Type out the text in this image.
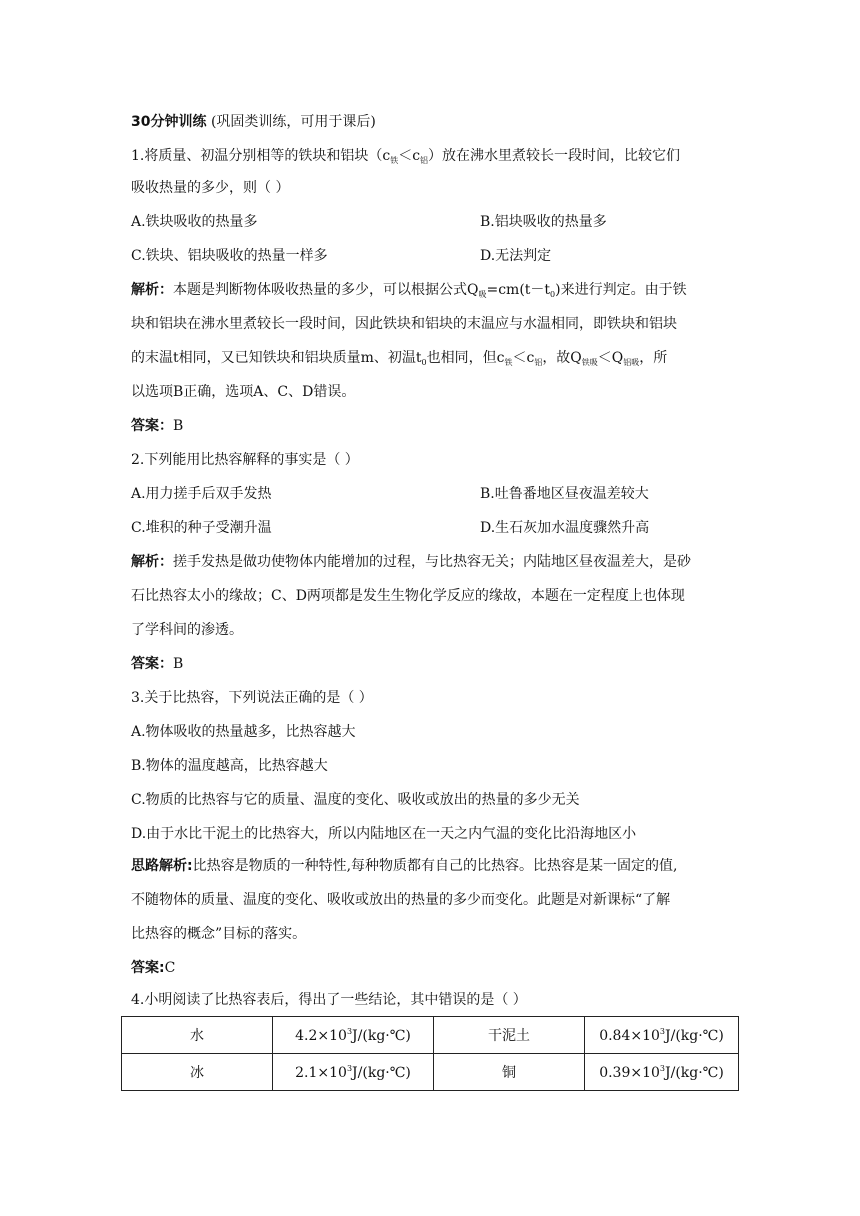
30分钟训练 (巩固类训练，可用于课后)
1.将质量、初温分别相等的铁块和铝块$(c_铁<c_铝)$放在沸水里煮较长一段时间，比较它们
吸收热量的多少，则（ ）
A.铁块吸收的热量多	B.铝块吸收的热量多
C.铁块、铝块吸收的热量一样多	D.无法判定
解析：本题是判断物体吸收热量的多少，可以根据公式$Q_吸=cm(t-t_0)$来进行判定。由于铁
块和铝块在沸水里煮较长一段时间，因此铁块和铝块的末温应与水温相同，即铁块和铝块
的末温t相同，又已知铁块和铝块质量m、初温$t_0$也相同，但$c_铁<c_铝$，故$Q_{铁吸}<Q_{铝吸}$，所
以选项B正确，选项A、C、D错误。
答案：B
2.下列能用比热容解释的事实是（ ）
A.用力搓手后双手发热	B.吐鲁番地区昼夜温差较大
C.堆积的种子受潮升温	D.生石灰加水温度骤然升高
解析：搓手发热是做功使物体内能增加的过程，与比热容无关；内陆地区昼夜温差大，是砂
石比热容太小的缘故；C、D两项都是发生生物化学反应的缘故，本题在一定程度上也体现
了学科间的渗透。
答案：B
3.关于比热容，下列说法正确的是（ ）
A.物体吸收的热量越多，比热容越大
B.物体的温度越高，比热容越大
C.物质的比热容与它的质量、温度的变化、吸收或放出的热量的多少无关
D.由于水比干泥土的比热容大，所以内陆地区在一天之内气温的变化比沿海地区小
思路解析:比热容是物质的一种特性,每种物质都有自己的比热容。比热容是某一固定的值,
不随物体的质量、温度的变化、吸收或放出的热量的多少而变化。此题是对新课标“了解
比热容的概念”目标的落实。
答案:C
4.小明阅读了比热容表后，得出了一些结论，其中错误的是（ ）
水	$4.2\times 10^3J/(kg\cdot℃)$	干泥土	$0.84\times 10^3J/(kg\cdot℃)$
冰	$2.1\times 10^3J/(kg\cdot℃)$	铜	$0.39\times 10^3J/(kg\cdot℃)$
